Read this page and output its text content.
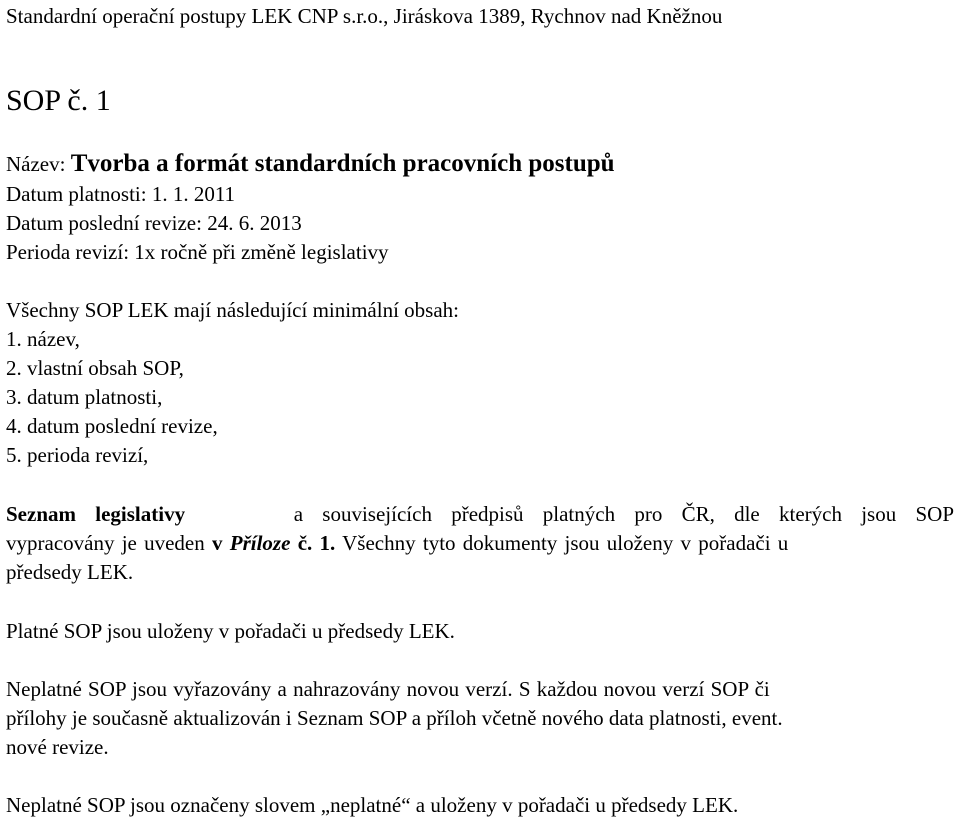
Standardní operační postupy LEK CNP s.r.o., Jiráskova 1389, Rychnov nad Kněžnou
SOP č. 1
Název: Tvorba a formát standardních pracovních postupů
Datum platnosti: 1. 1. 2011
Datum poslední revize: 24. 6. 2013
Perioda revizí: 1x ročně při změně legislativy
Všechny SOP LEK mají následující minimální obsah:
1. název,
2. vlastní obsah SOP,
3. datum platnosti,
4. datum poslední revize,
5. perioda revizí,
Seznam legislativy	a souvisejících předpisů platných pro ČR, dle kterých jsou SOP
vypracovány je uveden v Příloze č. 1. Všechny tyto dokumenty jsou uloženy v pořadači u
předsedy LEK.
Platné SOP jsou uloženy v pořadači u předsedy LEK.
Neplatné SOP jsou vyřazovány a nahrazovány novou verzí. S každou novou verzí SOP či
přílohy je současně aktualizován i Seznam SOP a příloh včetně nového data platnosti, event.
nové revize.
Neplatné SOP jsou označeny slovem „neplatné“ a uloženy v pořadači u předsedy LEK.
